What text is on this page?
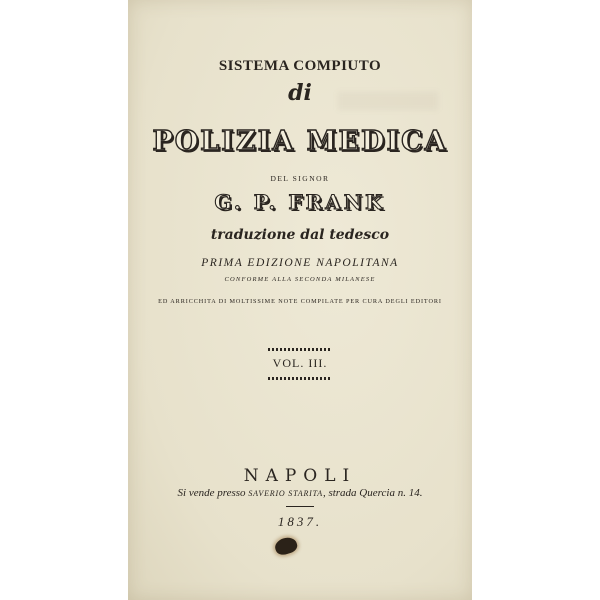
SISTEMA COMPIUTO
di
POLIZIA MEDICA
DEL SIGNOR
G. P. FRANK
traduzione dal tedesco
PRIMA EDIZIONE NAPOLITANA
CONFORME ALLA SECONDA MILANESE
ED ARRICCHITA DI MOLTISSIME NOTE COMPILATE PER CURA DEGLI EDITORI
VOL. III.
NAPOLI
Si vende presso SAVERIO STARITA, strada Quercia n. 14.
1837.
